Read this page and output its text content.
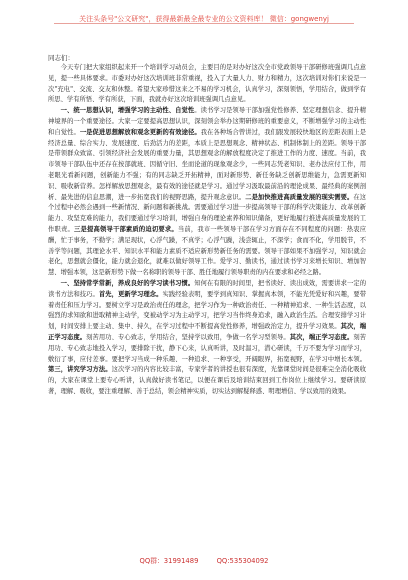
关注头条号"公文研究"，获得最新最全最专业的公文资料库！ 微信：gongwenyj
同志们：

今天专门把大家组织起来开一个培训学习动员会，主要目的是对办好这次全市党政领导干部研修班强调几点意见，提一些具体要求。市委对办好这次培训班非常重视，投入了大量人力、财力和精力，这次培训对你们来说是一次"充电"、交流、交友和休整。希望大家珍惜这来之不易的学习机会，认真学习，深刻领悟，学用结合，做到学有所思、学有所悟、学有所获，下面，我就办好这次培训班强调几点意见。

一、统一思想认识，增强学习的主动性、自觉性。读书学习是领导干部加强党性修养、坚定理想信念、提升精神境界的一个重要途径。大家一定要提高思想认识，深刻领会举办这期研修班的重要意义，不断增强学习的主动性和自觉性。一是促进思想解放和观念更新的有效途径。我在各种场合曾讲过，我们跟发展较快地区的差距表面上是经济总量、综合实力、发展速度、后劲活力的差距，本质上是思想观念、精神状态、机制体制上的差距。领导干部是带领群众致富、引领经济社会发展的重要力量，其思想观念的解放程度决定了推进工作的力度、速度。当前，我市领导干部队伍中还存在按部就班、因循守旧、坐而论道的现象观念少，一些同志凭老知识、老办法应付工作，用老眼光看新问题，创新能力不强；有的同志缺乏开拓精神，面对新形势、新任务缺乏创新思维能力，急需更新知识、吸收新营养。怎样解放思想观念，最有效的途径就是学习。通过学习汲取最前沿的理论成果、最经典的案例剖析、最先进的信息思潮，进一步拓宽我们的视野思路，提升观念意识。二是加快推进高质量发展的现实需要。在这个过程中必然会遇到一些新情况、新问题和新挑战。需要通过学习进一步提高领导干部的科学决策能力、改革创新能力、攻坚克难的能力，我们要通过学习培训，增强自身的理论素养和知识储备，更好地履行推进高质量发展的工作职责。三是提高领导干部素质的迫切要求。当前，我市一些领导干部在学习方面存在不同程度的问题：热衷应酬，忙于事务，不勤学；满足现状，心浮气躁，不真学；心浮气躁，浅尝辄止，不深学；食而不化，学用脱节，不善学等问题，其理论水平、知识水平和能力素质不适应新形势新任务的需要。领导干部如果不加强学习，知识就会老化，思想就会僵化，能力就会退化，就难以做好领导工作。爱学习、勤读书，通过读书学习来增长知识、增加智慧、增强本领，这是新形势下做一名称职的领导干部、胜任地履行领导职责的内在要求和必经之路。

一、坚持常学常新，养成良好的学习读书习惯。知何在有限的时间里，把书读好、读出成效，需要讲求一定的读书方法和技巧。首先，更新学习理念。实践经验表明，要学到真知识、掌握真本领，不能光凭爱好和兴趣，要带着责任和压力学习。要树立学习是政治责任的理念，把学习作为一种政治责任、一种精神追求、一种生活态度，以强烈的求知欲和进取精神主动学，变被动学习为主动学习，把学习当作终身追求，融入政治生活。合理安排学习计划，时间安排上要主动、集中、持久，在学习过程中不断提高党性修养，增强政治定力，提升学习效果。其次，端正学习态度。刻苦用功、专心致志，学用结合，坚持学以致用，争做一名学习型领导。其次，端正学习态度。刻苦用功、专心致志地投入学习，要排除干扰，静下心来，认真听讲，及时温习，潜心研读，千万不要为学习而学习，敷衍了事，应付差事。要把学习当成一种乐趣、一种追求、一种享受，开阔眼界，拓宽视野，在学习中增长本领。第三，讲究学习方法。这次学习的内容比较丰富，专家学者的讲授也很有深度，光靠课堂时间是很难完全消化吸收的，大家在课堂上要专心听讲，认真做好读书笔记，以便在课后及培训结束回到工作岗位上继续学习。要研读原著，理解、吸收，要注重理解、善于总结，领会精神实质，切实达到解疑释惑、明理增信、学以致用的效果。

QQ群：31991489	QQ:535304092
